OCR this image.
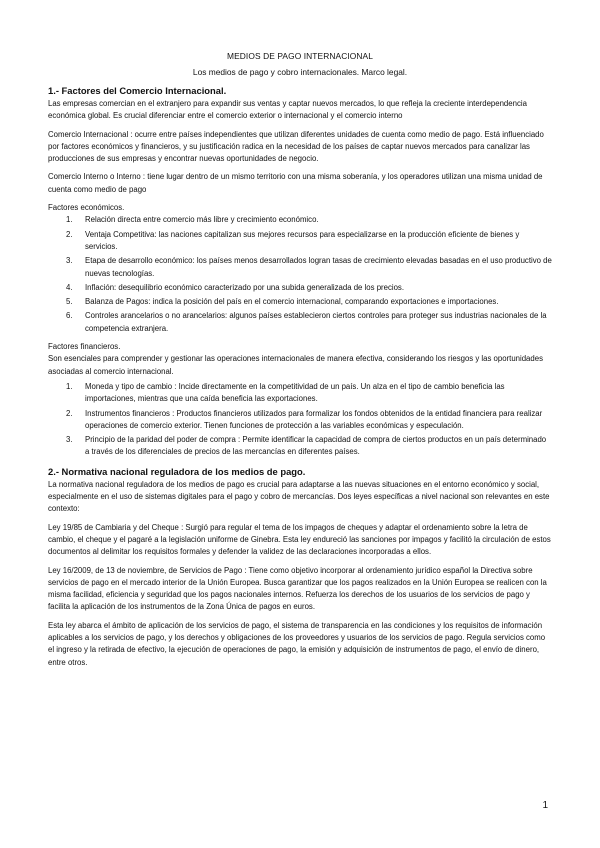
MEDIOS DE PAGO INTERNACIONAL
Los medios de pago y cobro internacionales. Marco legal.
1.- Factores del Comercio Internacional.

Las empresas comercian en el extranjero para expandir sus ventas y captar nuevos mercados, lo que refleja la creciente interdependencia económica global. Es crucial diferenciar entre el comercio exterior o internacional y el comercio interno

Comercio Internacional : ocurre entre países independientes que utilizan diferentes unidades de cuenta como medio de pago. Está influenciado por factores económicos y financieros, y su justificación radica en la necesidad de los países de captar nuevos mercados para canalizar las producciones de sus empresas y encontrar nuevas oportunidades de negocio.

Comercio Interno o Interno : tiene lugar dentro de un mismo territorio con una misma soberanía, y los operadores utilizan una misma unidad de cuenta como medio de pago

Factores económicos.
1. Relación directa entre comercio más libre y crecimiento económico.
2. Ventaja Competitiva: las naciones capitalizan sus mejores recursos para especializarse en la producción eficiente de bienes y servicios.
3. Etapa de desarrollo económico: los países menos desarrollados logran tasas de crecimiento elevadas basadas en el uso productivo de nuevas tecnologías.
4. Inflación: desequilibrio económico caracterizado por una subida generalizada de los precios.
5. Balanza de Pagos: indica la posición del país en el comercio internacional, comparando exportaciones e importaciones.
6. Controles arancelarios o no arancelarios: algunos países establecieron ciertos controles para proteger sus industrias nacionales de la competencia extranjera.
Factores financieros.

Son esenciales para comprender y gestionar las operaciones internacionales de manera efectiva, considerando los riesgos y las oportunidades asociadas al comercio internacional.

1. Moneda y tipo de cambio : Incide directamente en la competitividad de un país. Un alza en el tipo de cambio beneficia las importaciones, mientras que una caída beneficia las exportaciones.
2. Instrumentos financieros : Productos financieros utilizados para formalizar los fondos obtenidos de la entidad financiera para realizar operaciones de comercio exterior. Tienen funciones de protección a las variables económicas y especulación.
3. Principio de la paridad del poder de compra : Permite identificar la capacidad de compra de ciertos productos en un país determinado a través de los diferenciales de precios de las mercancías en diferentes países.
2.- Normativa nacional reguladora de los medios de pago.

La normativa nacional reguladora de los medios de pago es crucial para adaptarse a las nuevas situaciones en el entorno económico y social, especialmente en el uso de sistemas digitales para el pago y cobro de mercancías. Dos leyes específicas a nivel nacional son relevantes en este contexto:

Ley 19/85 de Cambiaria y del Cheque : Surgió para regular el tema de los impagos de cheques y adaptar el ordenamiento sobre la letra de cambio, el cheque y el pagaré a la legislación uniforme de Ginebra. Esta ley endureció las sanciones por impagos y facilitó la circulación de estos documentos al delimitar los requisitos formales y defender la validez de las declaraciones incorporadas a ellos.

Ley 16/2009, de 13 de noviembre, de Servicios de Pago : Tiene como objetivo incorporar al ordenamiento jurídico español la Directiva sobre servicios de pago en el mercado interior de la Unión Europea. Busca garantizar que los pagos realizados en la Unión Europea se realicen con la misma facilidad, eficiencia y seguridad que los pagos nacionales internos. Refuerza los derechos de los usuarios de los servicios de pago y facilita la aplicación de los instrumentos de la Zona Única de pagos en euros.

Esta ley abarca el ámbito de aplicación de los servicios de pago, el sistema de transparencia en las condiciones y los requisitos de información aplicables a los servicios de pago, y los derechos y obligaciones de los proveedores y usuarios de los servicios de pago. Regula servicios como el ingreso y la retirada de efectivo, la ejecución de operaciones de pago, la emisión y adquisición de instrumentos de pago, el envío de dinero, entre otros.

1
